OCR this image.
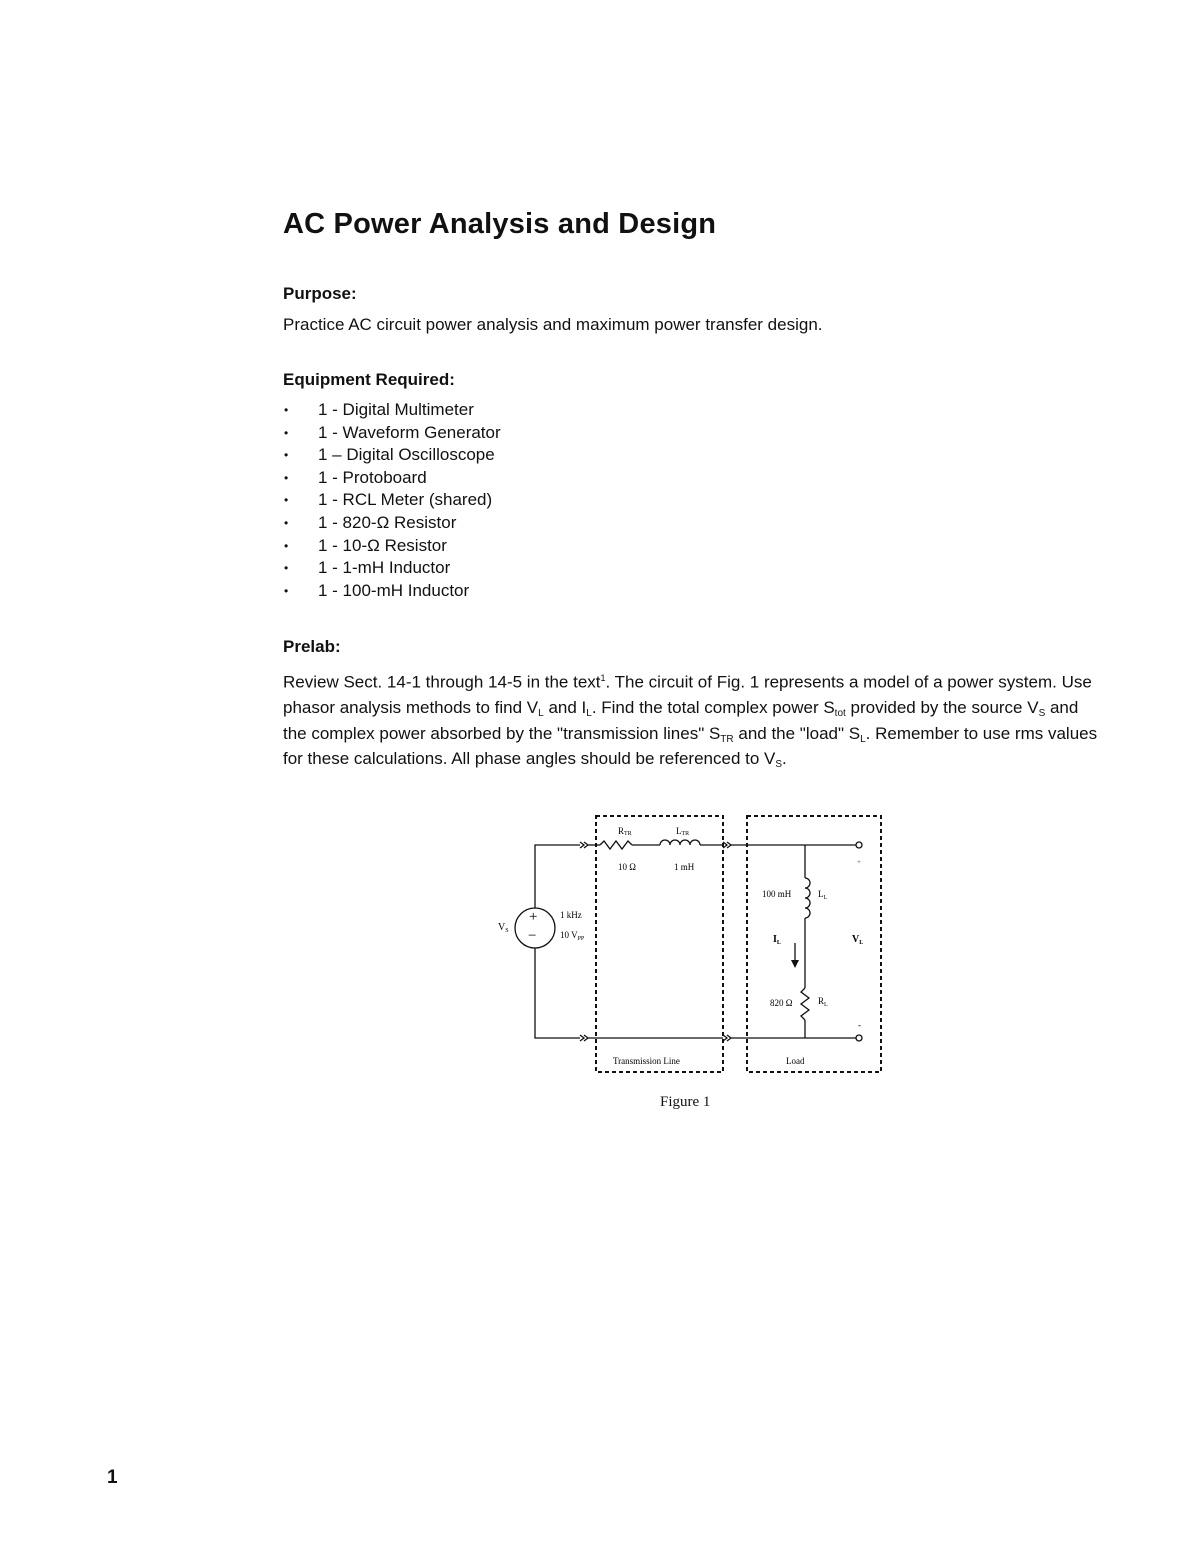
AC Power Analysis and Design
Purpose:

Practice AC circuit power analysis and maximum power transfer design.

Equipment Required:
• 1 - Digital Multimeter
• 1 - Waveform Generator
• 1 – Digital Oscilloscope
• 1 - Protoboard
• 1 - RCL Meter (shared)
• 1 - 820-Ω Resistor
• 1 - 10-Ω Resistor
• 1 - 1-mH Inductor
• 1 - 100-mH Inductor
Prelab:

Review Sect. 14-1 through 14-5 in the text$^1$. The circuit of Fig. 1 represents a model of a power system. Use phasor analysis methods to find $V_L$ and $I_L$. Find the total complex power $S_{tot}$ provided by the source $V_S$ and the complex power absorbed by the "transmission lines" $S_{TR}$ and the "load" $S_L$. Remember to use rms values for these calculations. All phase angles should be referenced to $V_S$.

+
−
$V_S$
1 kHz
10 $V_{PP}$
RTR	LTR
10 Ω	1 mH
100 mH	$L_L$
$I_L$	$V_L$
820 Ω	$R_L$
+
-
Transmission Line	Load
Figure 1
1
